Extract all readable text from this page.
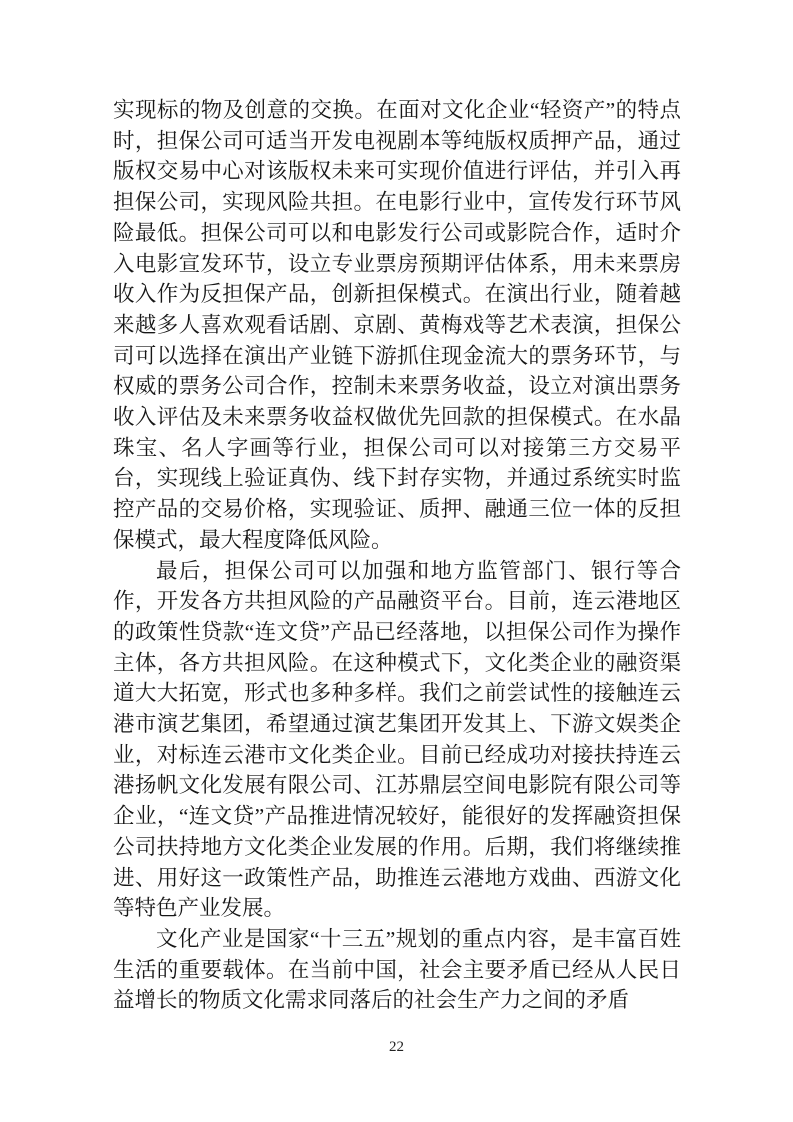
实现标的物及创意的交换。在面对文化企业“轻资产”的特点时，担保公司可适当开发电视剧本等纯版权质押产品，通过版权交易中心对该版权未来可实现价值进行评估，并引入再担保公司，实现风险共担。在电影行业中，宣传发行环节风险最低。担保公司可以和电影发行公司或影院合作，适时介入电影宣发环节，设立专业票房预期评估体系，用未来票房收入作为反担保产品，创新担保模式。在演出行业，随着越来越多人喜欢观看话剧、京剧、黄梅戏等艺术表演，担保公司可以选择在演出产业链下游抓住现金流大的票务环节，与权威的票务公司合作，控制未来票务收益，设立对演出票务收入评估及未来票务收益权做优先回款的担保模式。在水晶珠宝、名人字画等行业，担保公司可以对接第三方交易平台，实现线上验证真伪、线下封存实物，并通过系统实时监控产品的交易价格，实现验证、质押、融通三位一体的反担保模式，最大程度降低风险。

最后，担保公司可以加强和地方监管部门、银行等合作，开发各方共担风险的产品融资平台。目前，连云港地区的政策性贷款“连文贷”产品已经落地，以担保公司作为操作主体，各方共担风险。在这种模式下，文化类企业的融资渠道大大拓宽，形式也多种多样。我们之前尝试性的接触连云港市演艺集团，希望通过演艺集团开发其上、下游文娱类企业，对标连云港市文化类企业。目前已经成功对接扶持连云港扬帆文化发展有限公司、江苏鼎层空间电影院有限公司等企业，“连文贷”产品推进情况较好，能很好的发挥融资担保公司扶持地方文化类企业发展的作用。后期，我们将继续推进、用好这一政策性产品，助推连云港地方戏曲、西游文化等特色产业发展。

文化产业是国家“十三五”规划的重点内容，是丰富百姓生活的重要载体。在当前中国，社会主要矛盾已经从人民日益增长的物质文化需求同落后的社会生产力之间的矛盾

22
